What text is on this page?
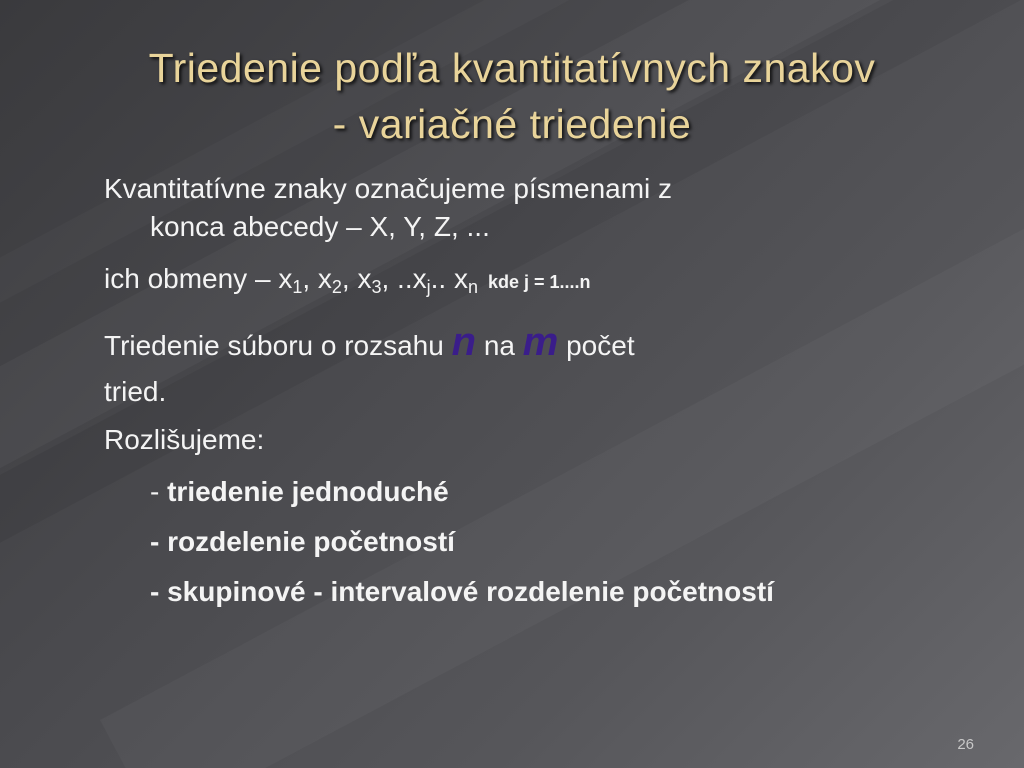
Triedenie podľa kvantitatívnych znakov
- variačné triedenie
Kvantitatívne znaky označujeme písmenami z
konca abecedy – X, Y, Z, ...
ich obmeny – $x_1$, $x_2$, $x_3$, $..x_j$.. $x_n$ kde j = 1....n
Triedenie súboru o rozsahu n na m počet
tried.
Rozlišujeme:
- triedenie jednoduché
- rozdelenie početností
- skupinové - intervalové rozdelenie početností
26
